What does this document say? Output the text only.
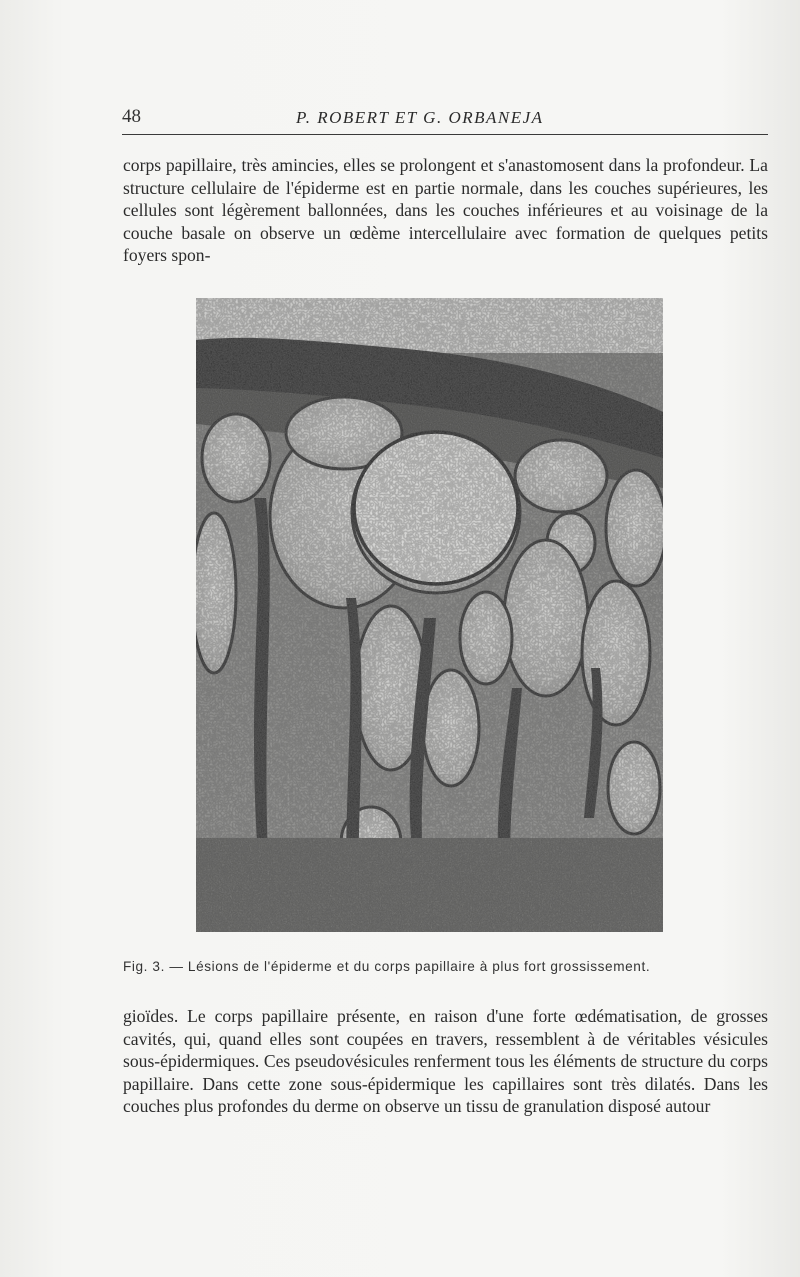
48	P. ROBERT ET G. ORBANEJA

corps papillaire, très amincies, elles se prolongent et s'anastomosent dans la profondeur. La structure cellulaire de l'épiderme est en partie normale, dans les couches supérieures, les cellules sont légèrement ballonnées, dans les couches inférieures et au voisinage de la couche basale on observe un œdème intercellulaire avec formation de quelques petits foyers spon-

Fig. 3. — Lésions de l'épiderme et du corps papillaire à plus fort grossissement.

gioïdes. Le corps papillaire présente, en raison d'une forte œdématisation, de grosses cavités, qui, quand elles sont coupées en travers, ressemblent à de véritables vésicules sous-épidermiques. Ces pseudovésicules renferment tous les éléments de structure du corps papillaire. Dans cette zone sous-épidermique les capillaires sont très dilatés. Dans les couches plus profondes du derme on observe un tissu de granulation disposé autour
